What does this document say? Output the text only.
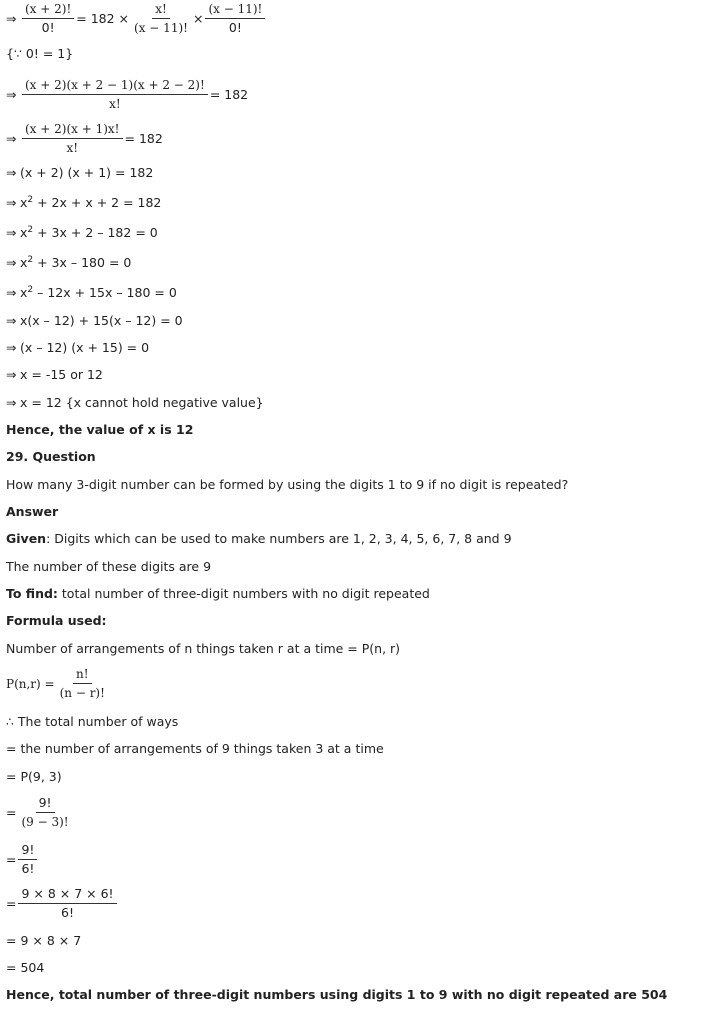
⇒ $\frac{(x + 2)!}{0!} = 182 \times \frac{x!}{(x - 11)!} \times \frac{(x - 11)!}{0!}$
{∵ 0! = 1}
⇒ $\frac{(x + 2)(x + 2 - 1)(x + 2 - 2)!}{x!} = 182$
⇒ $\frac{(x + 2)(x + 1)x!}{x!} = 182$
⇒ (x + 2) (x + 1) = 182
⇒ $x^2 + 2x + x + 2 = 182$
⇒ $x^2 + 3x + 2 - 182 = 0$
⇒ $x^2 + 3x - 180 = 0$
⇒ $x^2 - 12x + 15x - 180 = 0$
⇒ x(x – 12) + 15(x – 12) = 0
⇒ (x – 12) (x + 15) = 0
⇒ x = -15 or 12
⇒ x = 12 {x cannot hold negative value}
Hence, the value of x is 12
29. Question
How many 3-digit number can be formed by using the digits 1 to 9 if no digit is repeated?
Answer
Given: Digits which can be used to make numbers are 1, 2, 3, 4, 5, 6, 7, 8 and 9
The number of these digits are 9
To find: total number of three-digit numbers with no digit repeated
Formula used:
Number of arrangements of n things taken r at a time = P(n, r)
$P(n,r) = \frac{n!}{(n - r)!}$
∴ The total number of ways
= the number of arrangements of 9 things taken 3 at a time
= P(9, 3)
= $\frac{9!}{(9 - 3)!}$
= $\frac{9!}{6!}$
= $\frac{9 \times 8 \times 7 \times 6!}{6!}$
= 9 × 8 × 7
= 504
Hence, total number of three-digit numbers using digits 1 to 9 with no digit repeated are 504
